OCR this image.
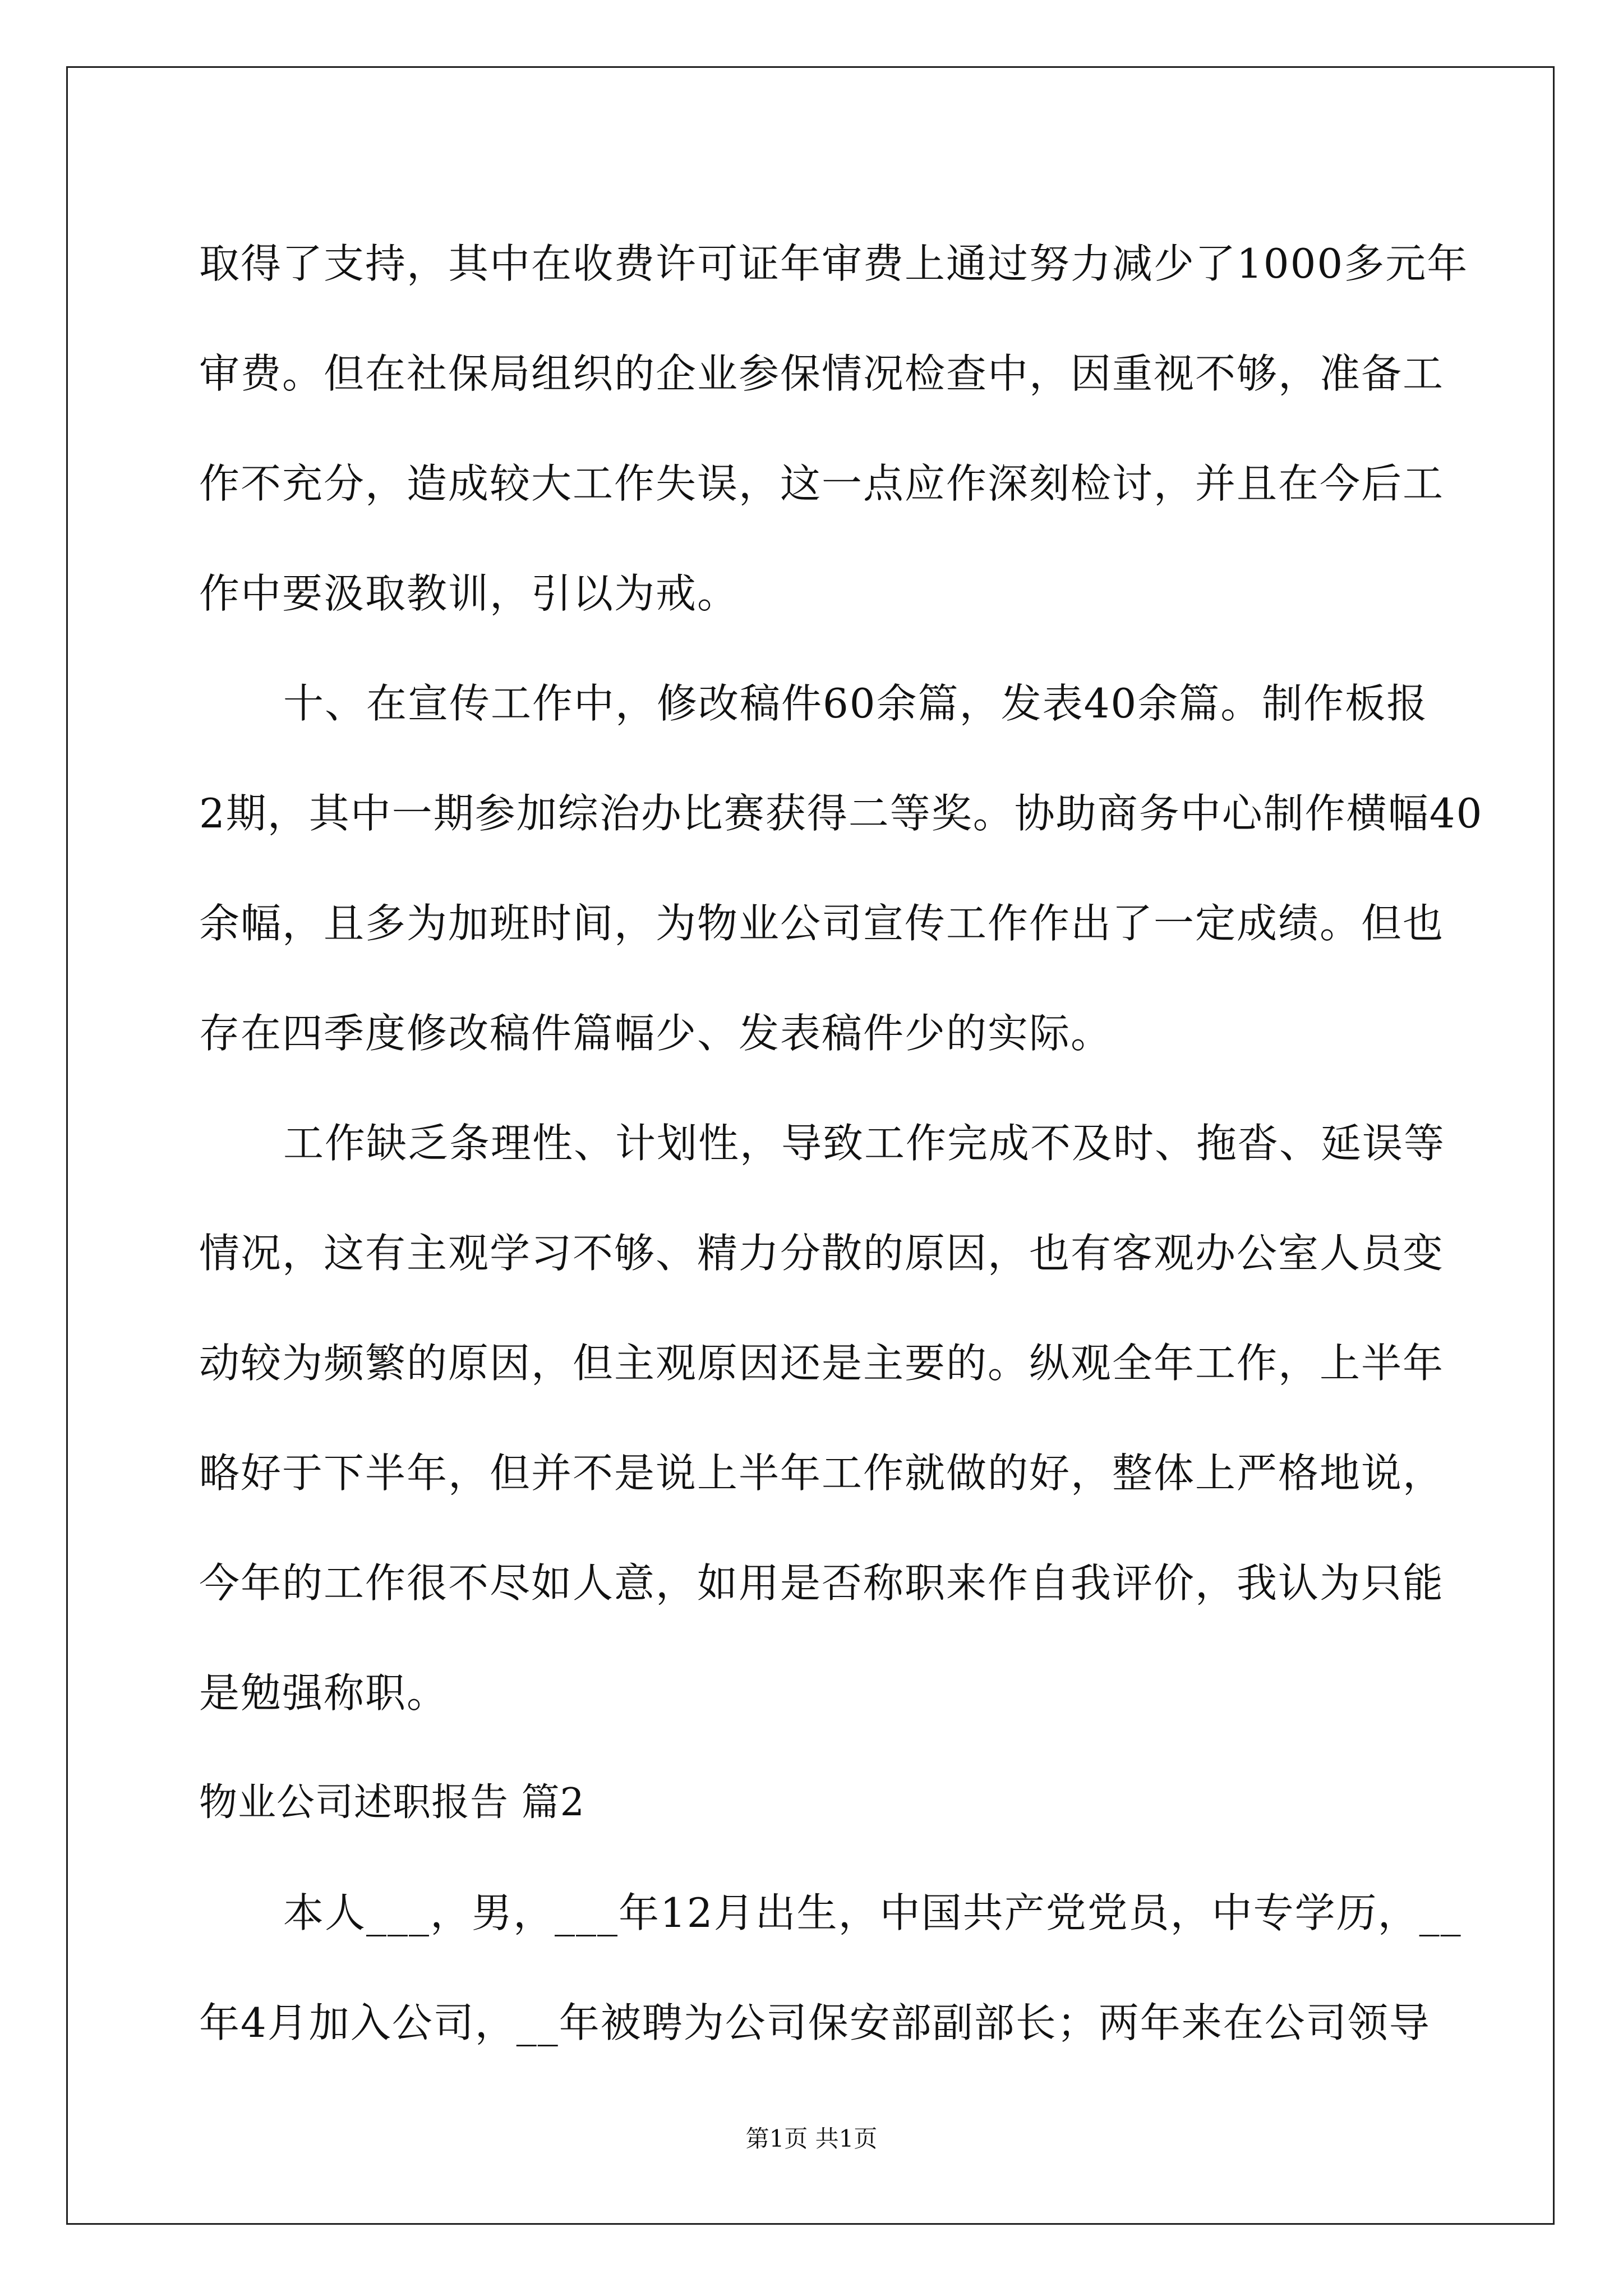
取得了支持，其中在收费许可证年审费上通过努力减少了1000多元年
审费。但在社保局组织的企业参保情况检查中，因重视不够，准备工
作不充分，造成较大工作失误，这一点应作深刻检讨，并且在今后工
作中要汲取教训，引以为戒。
十、在宣传工作中，修改稿件60余篇，发表40余篇。制作板报
2期，其中一期参加综治办比赛获得二等奖。协助商务中心制作横幅40
余幅，且多为加班时间，为物业公司宣传工作作出了一定成绩。但也
存在四季度修改稿件篇幅少、发表稿件少的实际。
工作缺乏条理性、计划性，导致工作完成不及时、拖沓、延误等
情况，这有主观学习不够、精力分散的原因，也有客观办公室人员变
动较为频繁的原因，但主观原因还是主要的。纵观全年工作，上半年
略好于下半年，但并不是说上半年工作就做的好，整体上严格地说，
今年的工作很不尽如人意，如用是否称职来作自我评价，我认为只能
是勉强称职。
物业公司述职报告 篇2
本人___，男，___年12月出生，中国共产党党员，中专学历，__
年4月加入公司，__年被聘为公司保安部副部长；两年来在公司领导
第1页 共1页
